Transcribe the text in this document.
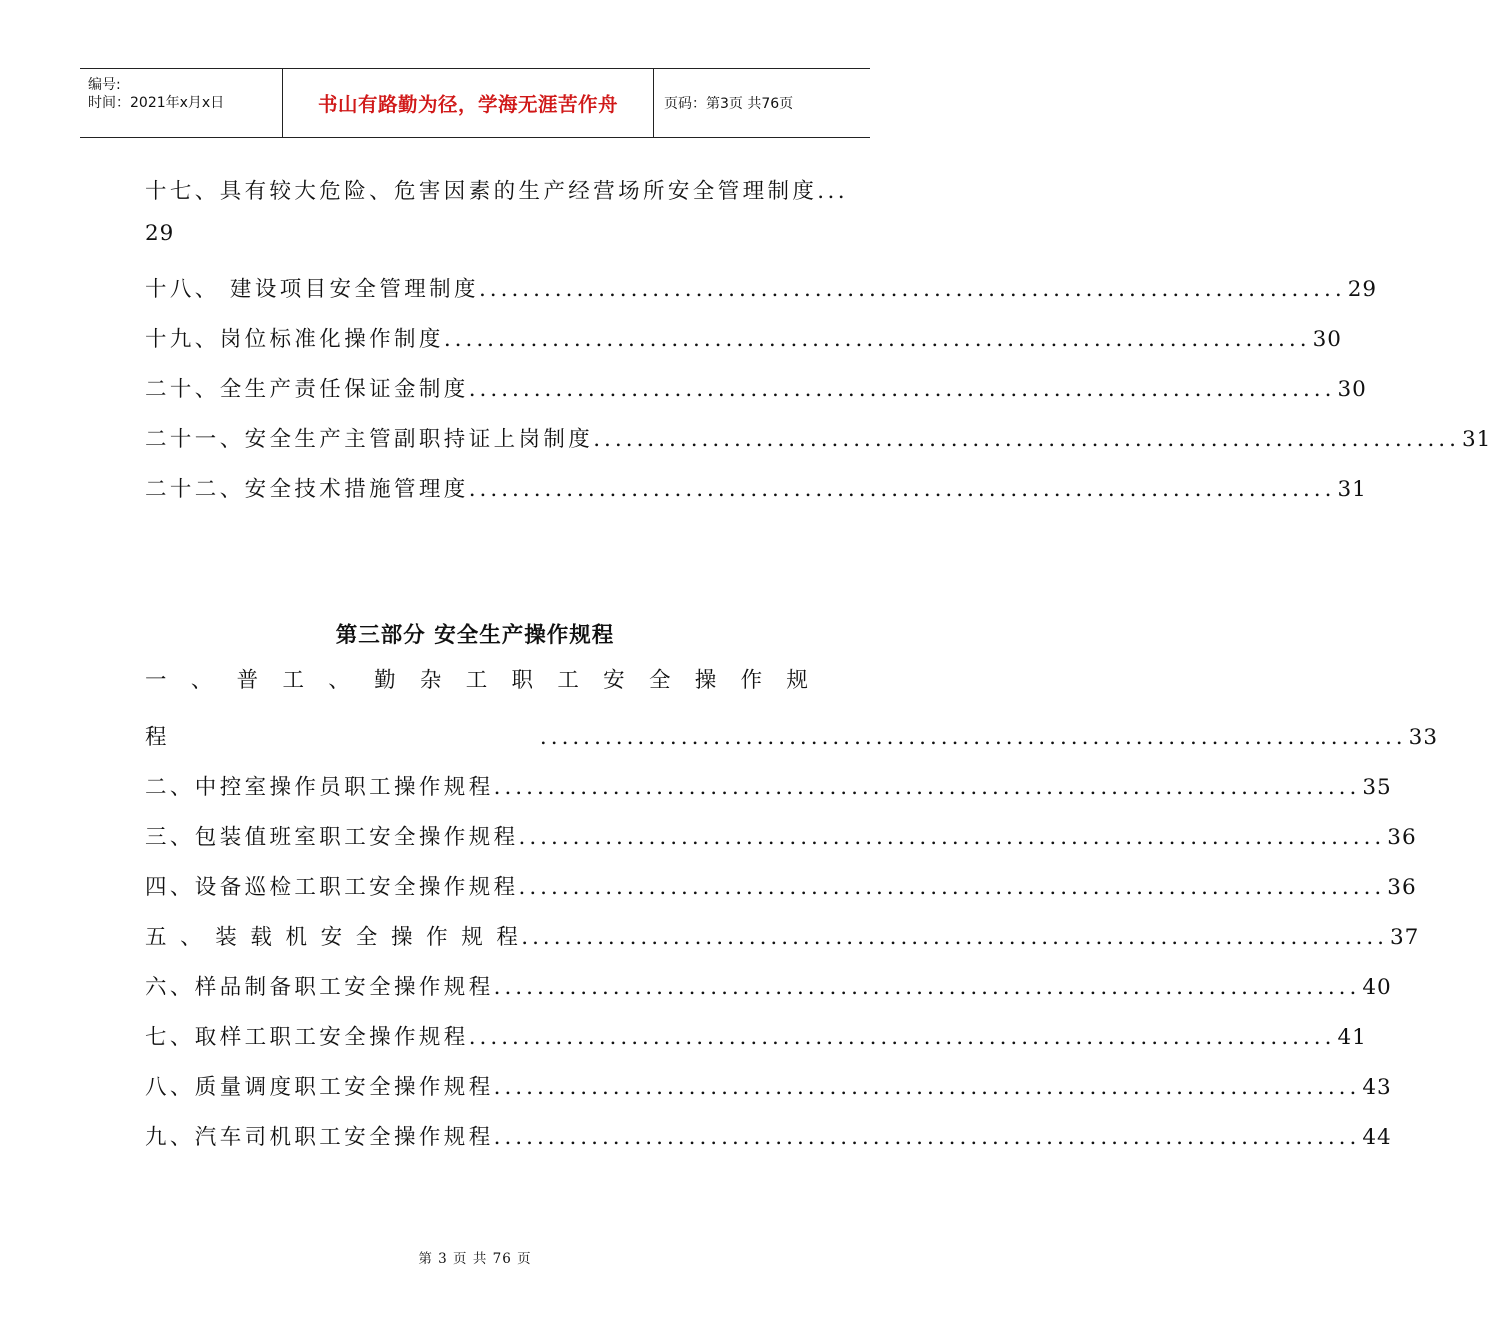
编号:
时间：2021年x月x日	书山有路勤为径，学海无涯苦作舟	页码：第3页 共76页
十七、具有较大危险、危害因素的生产经营场所安全管理制度...
29
十八、 建设项目安全管理制度 ................................................................................ 29
十九、岗位标准化操作制度 ................................................................................ 30
二十、全生产责任保证金制度 ................................................................................ 30
二十一、安全生产主管副职持证上岗制度 ................................................................................ 31
二十二、安全技术措施管理度 ................................................................................ 31
第三部分 安全生产操作规程
一 、 普 工 、 勤 杂 工 职 工 安 全 操 作 规
程	................................................................................ 33
二、中控室操作员职工操作规程 ................................................................................ 35
三、包装值班室职工安全操作规程 ................................................................................ 36
四、设备巡检工职工安全操作规程 ................................................................................ 36
五 、 装 载 机 安 全 操 作 规 程 ................................................................................ 37
六、样品制备职工安全操作规程 ................................................................................ 40
七、取样工职工安全操作规程 ................................................................................ 41
八、质量调度职工安全操作规程 ................................................................................ 43
九、汽车司机职工安全操作规程 ................................................................................ 44
第 3 页 共 76 页
